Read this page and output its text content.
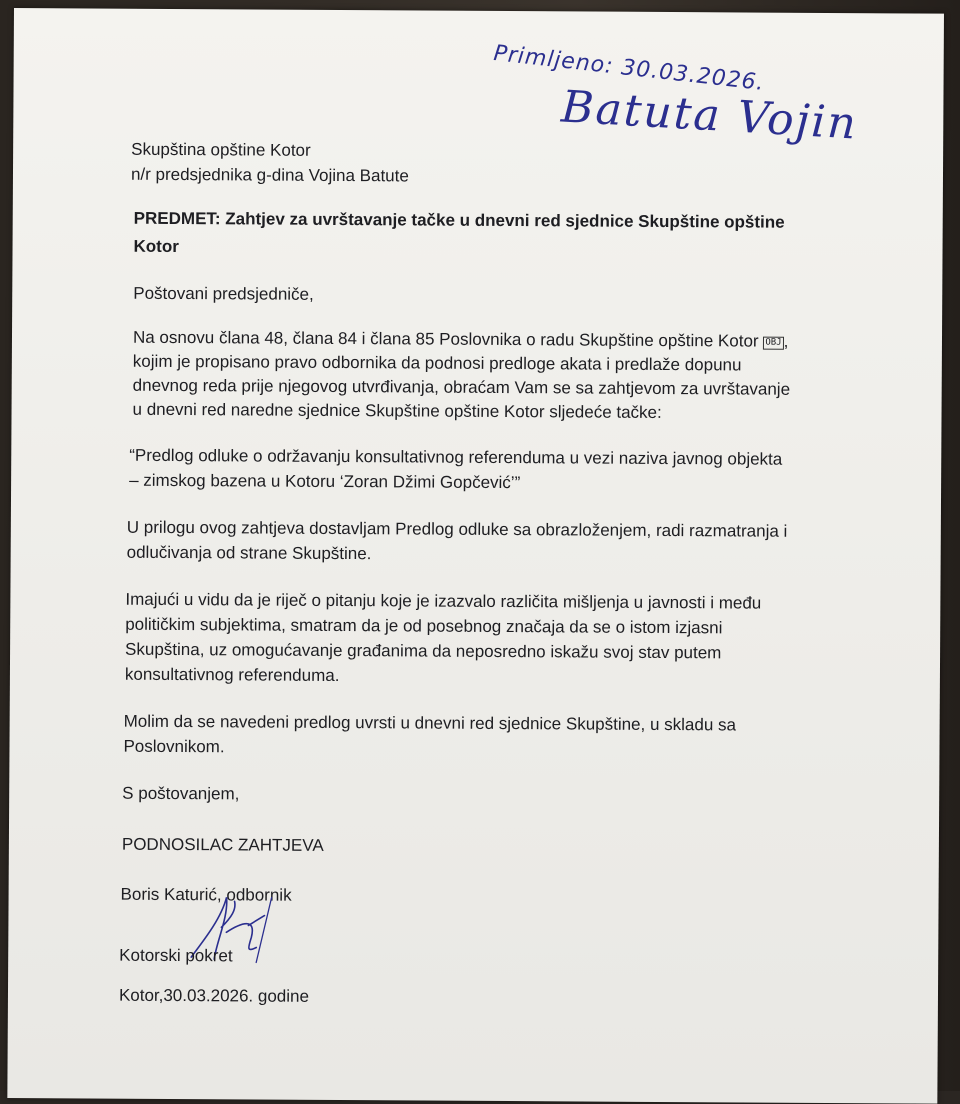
Primljeno: 30.03.2026.
Batuta Vojin
Skupština opštine Kotor
n/r predsjednika g-dina Vojina Batute
PREDMET: Zahtjev za uvrštavanje tačke u dnevni red sjednice Skupštine opštine
Kotor
Poštovani predsjedniče,
Na osnovu člana 48, člana 84 i člana 85 Poslovnika o radu Skupštine opštine Kotor OBJ ,
kojim je propisano pravo odbornika da podnosi predloge akata i predlaže dopunu
dnevnog reda prije njegovog utvrđivanja, obraćam Vam se sa zahtjevom za uvrštavanje
u dnevni red naredne sjednice Skupštine opštine Kotor sljedeće tačke:
“Predlog odluke o održavanju konsultativnog referenduma u vezi naziva javnog objekta
– zimskog bazena u Kotoru ‘Zoran Džimi Gopčević’”
U prilogu ovog zahtjeva dostavljam Predlog odluke sa obrazloženjem, radi razmatranja i
odlučivanja od strane Skupštine.
Imajući u vidu da je riječ o pitanju koje je izazvalo različita mišljenja u javnosti i među
političkim subjektima, smatram da je od posebnog značaja da se o istom izjasni
Skupština, uz omogućavanje građanima da neposredno iskažu svoj stav putem
konsultativnog referenduma.
Molim da se navedeni predlog uvrsti u dnevni red sjednice Skupštine, u skladu sa
Poslovnikom.
S poštovanjem,
PODNOSILAC ZAHTJEVA
Boris Katurić, odbornik
Kotorski pokret
Kotor,30.03.2026. godine
